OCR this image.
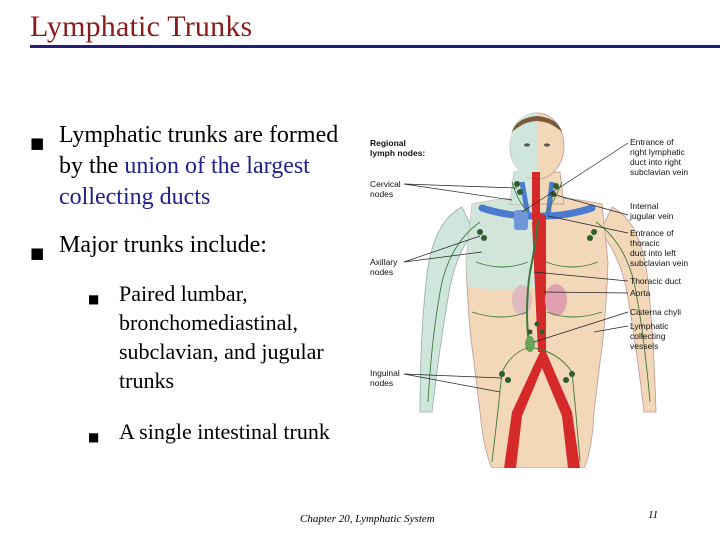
Lymphatic Trunks
■ Lymphatic trunks are formed by the union of the largest collecting ducts
■ Major trunks include:
■ Paired lumbar, bronchomediastinal, subclavian, and jugular trunks
■ A single intestinal trunk
Regional
lymph nodes:
Cervical
nodes
Axillary
nodes
Inguinal
nodes
Entrance of
right lymphatic
duct into right
subclavian vein
Internal
jugular vein
Entrance of
thoracic
duct into left
subclavian vein
Thoracic duct
Aorta
Cisterna chyli
Lymphatic
collecting
vessels
Chapter 20, Lymphatic System	11
